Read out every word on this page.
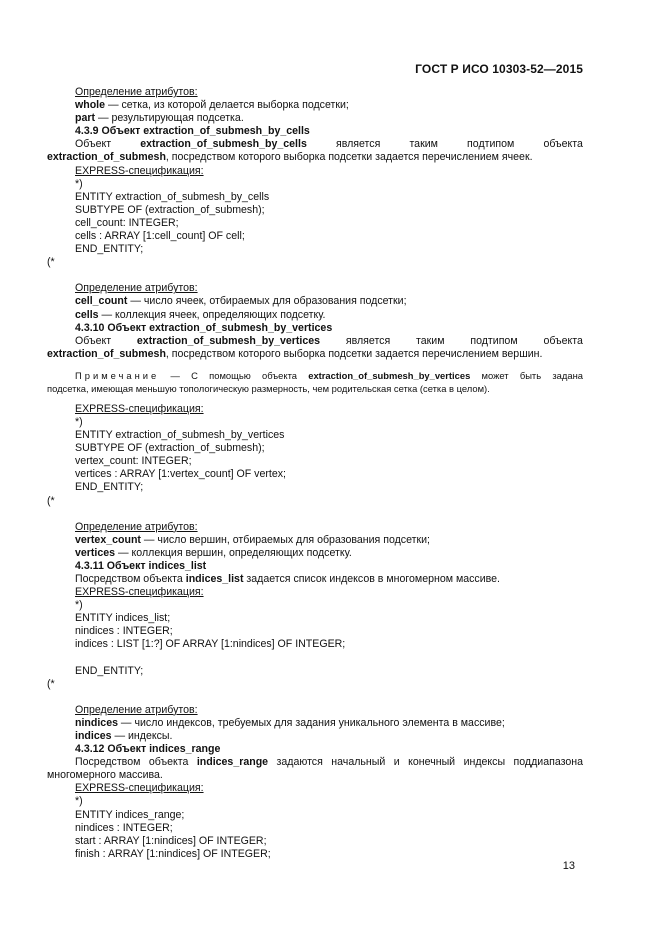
ГОСТ Р ИСО 10303-52—2015
Определение атрибутов:
whole — сетка, из которой делается выборка подсетки;
part — результирующая подсетка.
4.3.9 Объект extraction_of_submesh_by_cells
Объект	extraction_of_submesh_by_cells	является	таким	подтипом	объекта
extraction_of_submesh, посредством которого выборка подсетки задается перечислением ячеек.
EXPRESS-спецификация:
*)
ENTITY extraction_of_submesh_by_cells
SUBTYPE OF (extraction_of_submesh);
cell_count: INTEGER;
cells : ARRAY [1:cell_count] OF cell;
END_ENTITY;
(*
Определение атрибутов:
cell_count — число ячеек, отбираемых для образования подсетки;
cells — коллекция ячеек, определяющих подсетку.
4.3.10 Объект extraction_of_submesh_by_vertices
Объект extraction_of_submesh_by_vertices является таким подтипом объекта
extraction_of_submesh, посредством которого выборка подсетки задается перечислением вершин.
Примечание — С помощью объекта extraction_of_submesh_by_vertices может быть задана
подсетка, имеющая меньшую топологическую размерность, чем родительская сетка (сетка в целом).
EXPRESS-спецификация:
*)
ENTITY extraction_of_submesh_by_vertices
SUBTYPE OF (extraction_of_submesh);
vertex_count: INTEGER;
vertices : ARRAY [1:vertex_count] OF vertex;
END_ENTITY;
(*
Определение атрибутов:
vertex_count — число вершин, отбираемых для образования подсетки;
vertices — коллекция вершин, определяющих подсетку.
4.3.11 Объект indices_list
Посредством объекта indices_list задается список индексов в многомерном массиве.
EXPRESS-спецификация:
*)
ENTITY indices_list;
nindices : INTEGER;
indices : LIST [1:?] OF ARRAY [1:nindices] OF INTEGER;
END_ENTITY;
(*
Определение атрибутов:
nindices — число индексов, требуемых для задания уникального элемента в массиве;
indices — индексы.
4.3.12 Объект indices_range
Посредством объекта indices_range задаются начальный и конечный индексы поддиапазона многомерного массива.
EXPRESS-спецификация:
*)
ENTITY indices_range;
nindices : INTEGER;
start : ARRAY [1:nindices] OF INTEGER;
finish : ARRAY [1:nindices] OF INTEGER;
13
